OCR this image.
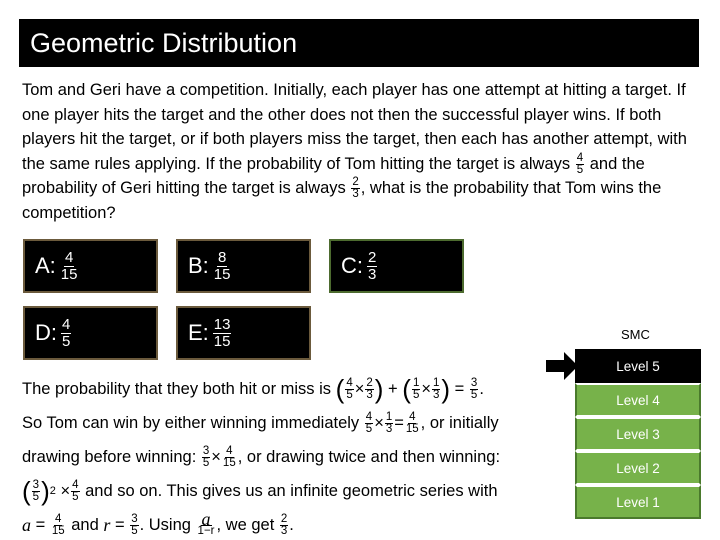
Geometric Distribution
Tom and Geri have a competition. Initially, each player has one attempt at hitting a target. If one player hits the target and the other does not then the successful player wins. If both players hit the target, or if both players miss the target, then each has another attempt, with the same rules applying. If the probability of Tom hitting the target is always $\frac{4}{5}$ and the probability of Geri hitting the target is always $\frac{2}{3}$ , what is the probability that Tom wins the competition?
A: $\frac{4}{15}$	B: $\frac{8}{15}$	C: $\frac{2}{3}$
D: $\frac{4}{5}$	E: $\frac{13}{15}$	SMC
Level 5
Level 4
Level 3
Level 2
Level 1
The probability that they both hit or miss is
( $\frac{4}{5} \times \frac{2}{3}$ )
+
( $\frac{1}{5} \times \frac{1}{3}$ )
=
$\frac{3}{5}$ .
So Tom can win by either winning immediately
$\frac{4}{5} \times \frac{1}{3} = \frac{4}{15}$ , or initially
drawing before winning:
$\frac{3}{5} \times \frac{4}{15}$ , or drawing twice and then winning:
( $\frac{3}{5}$ ) 2
× $\frac{4}{5}$
and so on. This gives us an infinite geometric series with
a
=
$\frac{4}{15}$
and
r
=
$\frac{3}{5}$ . Using
$\frac{a}{1-r}$ , we get
$\frac{2}{3}$ .
